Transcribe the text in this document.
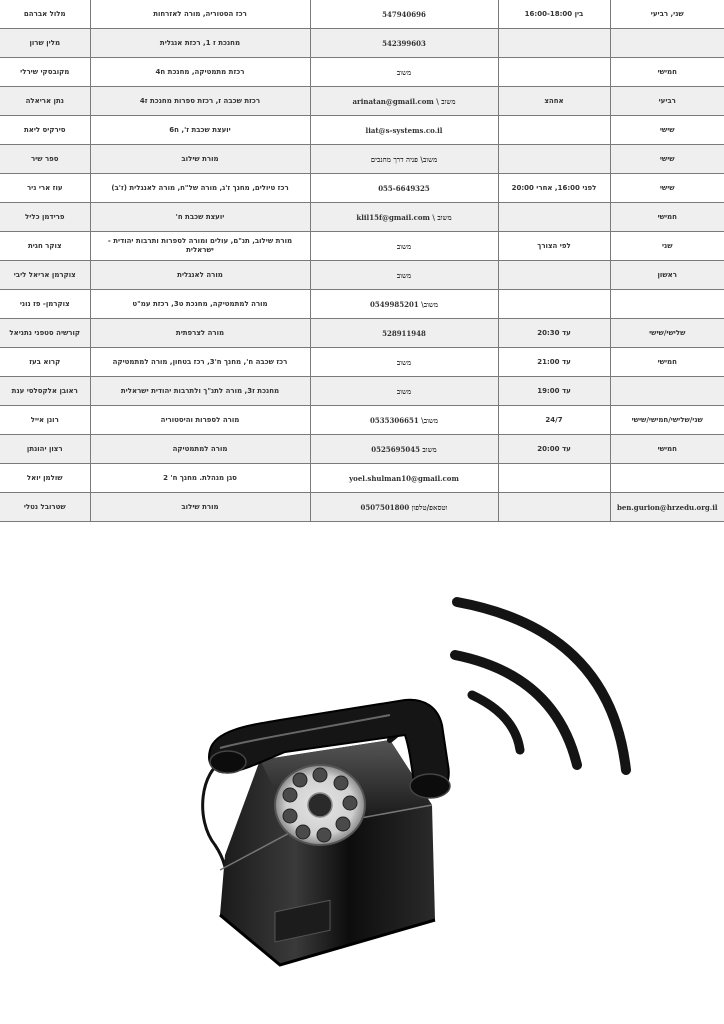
מלול אברהם	רכז הסטוריה, מורה לאזרחות	547940696	בין 16:00-18:00	שני, רביעי
מלין שרון	מחנכת ז 1, רכזת אנגלית	542399603		
מקובסקי שירלי	רכזת מתמטיקה, מחנכת ח4	משוב		חמישי
נתן אריאלה	רכזת שכבה ז, רכזת ספרות מחנכת ז4	משוב \ arinatan@gmail.com	אחהצ	רביעי
סירקיס ליאת	יועצת שכבת ז', ח6	liat@s-systems.co.il		שישי
ספר שיר	מורת שילוב	משוב\ פניה דרך מחנכים		שישי
עוז ארי ניר	רכז טיולים, מחנך ז'ג, מורה של"ח, מורה לאנגלית (ז'ב)	055-6649325	לפני 16:00, אחרי 20:00	שישי
פרידמן כליל	יועצת שכבת ח'	משוב \ klil15f@gmail.com		חמישי
צוקר חגית	מורת שילוב, תנ"ם, עולים ומורה לספרות ותרבות יהודית - ישראלית	משוב	לפי הצורך	שני
צוקרמן אריאל ליבי	מורה לאנגלית	משוב		ראשון
צוקרמן- פז נוני	מורה למתמטיקה, מחנכת ט3, רכזת עמ"ט	משוב\ 0549985201		
קורשיה סטפני נתניאל	מורה לצרפתית	528911948	עד 20:30	שלישי/שישי
קרוא בעז	רכז שכבה ח', מחנך ח'3, רכז בטחון, מורה למתמטיקה	משוב	עד 21:00	חמישי
ראובן אלקסלסי ענת	מחנכת ז3, מורה לתנ"ך ולתרבות יהודית ישראלית	משוב	עד 19:00	
רונן אייל	מורה לספרות והיסטוריה	משוב\ 0535306651	24/7	שני/שלישי/חמישי/שישי
רצון יהונתן	מורה למתמטיקה	משוב 0525695045	עד 20:00	חמישי
שולמן יואל	סגן מנהלת. מחנך ח' 2	yoel.shulman10@gmail.com		
שטרובל נטלי	מורת שילוב	וטסאפ/טלפון 0507501800		ben.gurion@hrzedu.org.il
